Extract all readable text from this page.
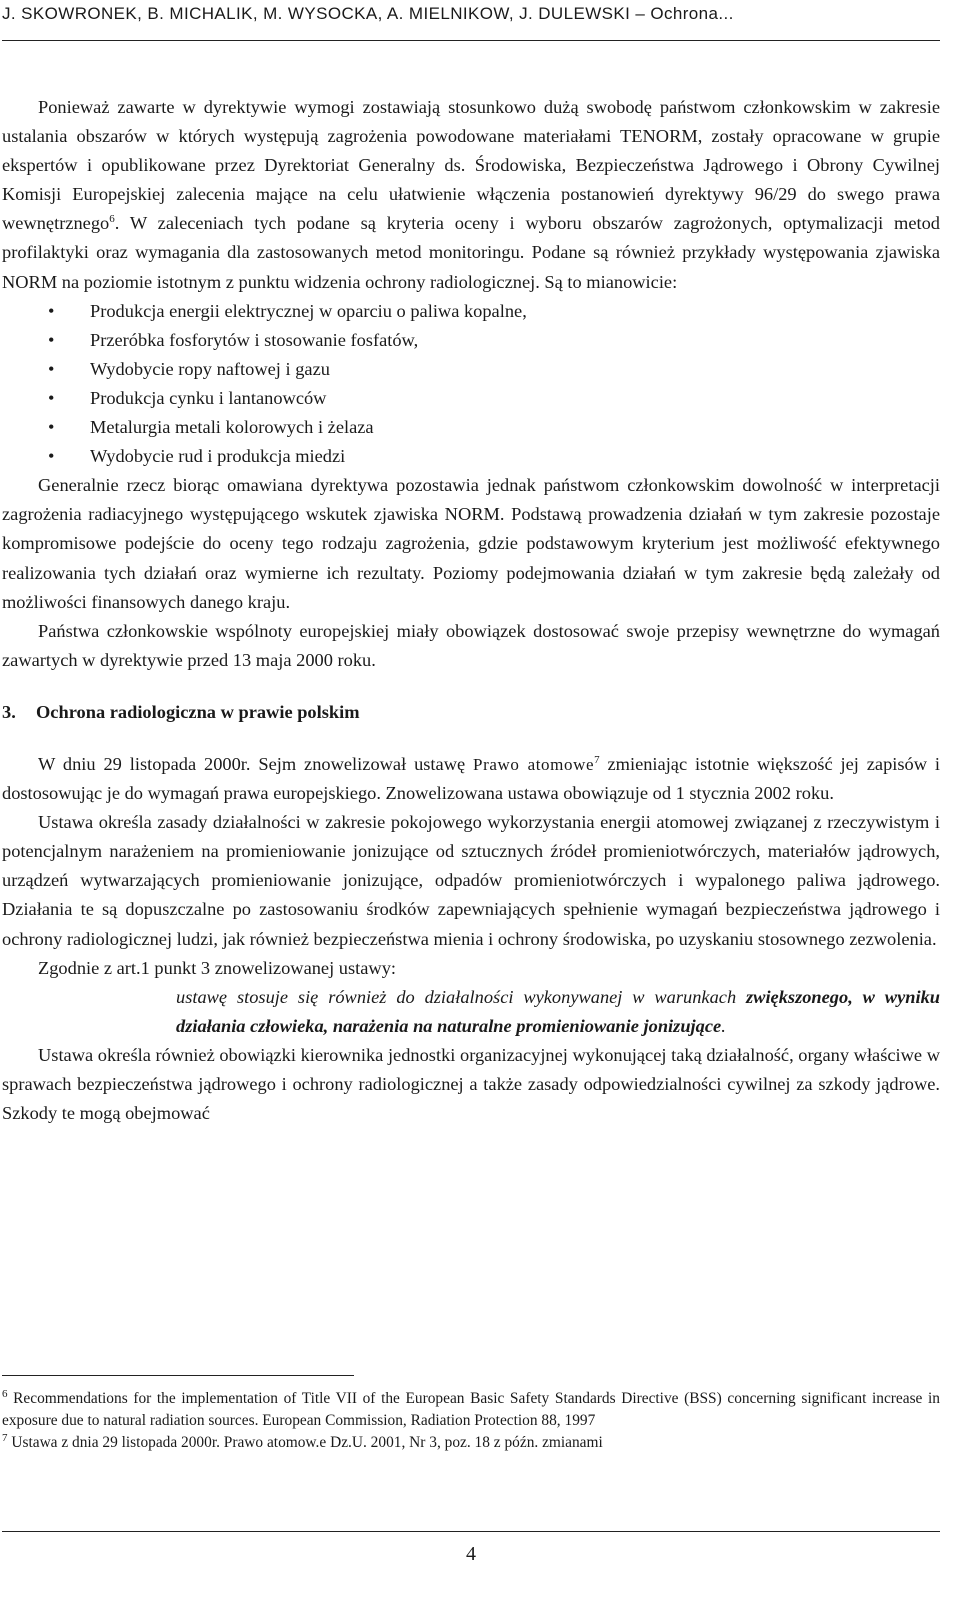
J. SKOWRONEK, B. MICHALIK, M. WYSOCKA, A. MIELNIKOW, J. DULEWSKI – Ochrona...

Ponieważ zawarte w dyrektywie wymogi zostawiają stosunkowo dużą swobodę państwom członkowskim w zakresie ustalania obszarów w których występują zagrożenia powodowane materiałami TENORM, zostały opracowane w grupie ekspertów i opublikowane przez Dyrektoriat Generalny ds. Środowiska, Bezpieczeństwa Jądrowego i Obrony Cywilnej Komisji Europejskiej zalecenia mające na celu ułatwienie włączenia postanowień dyrektywy 96/29 do swego prawa wewnętrznego$^6$. W zaleceniach tych podane są kryteria oceny i wyboru obszarów zagrożonych, optymalizacji metod profilaktyki oraz wymagania dla zastosowanych metod monitoringu. Podane są również przykłady występowania zjawiska NORM na poziomie istotnym z punktu widzenia ochrony radiologicznej. Są to mianowicie:

• Produkcja energii elektrycznej w oparciu o paliwa kopalne,
• Przeróbka fosforytów i stosowanie fosfatów,
• Wydobycie ropy naftowej i gazu
• Produkcja cynku i lantanowców
• Metalurgia metali kolorowych i żelaza
• Wydobycie rud i produkcja miedzi

Generalnie rzecz biorąc omawiana dyrektywa pozostawia jednak państwom członkowskim dowolność w interpretacji zagrożenia radiacyjnego występującego wskutek zjawiska NORM. Podstawą prowadzenia działań w tym zakresie pozostaje kompromisowe podejście do oceny tego rodzaju zagrożenia, gdzie podstawowym kryterium jest możliwość efektywnego realizowania tych działań oraz wymierne ich rezultaty. Poziomy podejmowania działań w tym zakresie będą zależały od możliwości finansowych danego kraju.

Państwa członkowskie wspólnoty europejskiej miały obowiązek dostosować swoje przepisy wewnętrzne do wymagań zawartych w dyrektywie przed 13 maja 2000 roku.

3. Ochrona radiologiczna w prawie polskim

W dniu 29 listopada 2000r. Sejm znowelizował ustawę Prawo atomowe$^7$ zmieniając istotnie większość jej zapisów i dostosowując je do wymagań prawa europejskiego. Znowelizowana ustawa obowiązuje od 1 stycznia 2002 roku.

Ustawa określa zasady działalności w zakresie pokojowego wykorzystania energii atomowej związanej z rzeczywistym i potencjalnym narażeniem na promieniowanie jonizujące od sztucznych źródeł promieniotwórczych, materiałów jądrowych, urządzeń wytwarzających promieniowanie jonizujące, odpadów promieniotwórczych i wypalonego paliwa jądrowego. Działania te są dopuszczalne po zastosowaniu środków zapewniających spełnienie wymagań bezpieczeństwa jądrowego i ochrony radiologicznej ludzi, jak również bezpieczeństwa mienia i ochrony środowiska, po uzyskaniu stosownego zezwolenia.

Zgodnie z art.1 punkt 3 znowelizowanej ustawy:

ustawę stosuje się również do działalności wykonywanej w warunkach zwiększonego, w wyniku działania człowieka, narażenia na naturalne promieniowanie jonizujące.

Ustawa określa również obowiązki kierownika jednostki organizacyjnej wykonującej taką działalność, organy właściwe w sprawach bezpieczeństwa jądrowego i ochrony radiologicznej a także zasady odpowiedzialności cywilnej za szkody jądrowe. Szkody te mogą obejmować

$^6$ Recommendations for the implementation of Title VII of the European Basic Safety Standards Directive (BSS) concerning significant increase in exposure due to natural radiation sources. European Commission, Radiation Protection 88, 1997

$^7$ Ustawa z dnia 29 listopada 2000r. Prawo atomow.e Dz.U. 2001, Nr 3, poz. 18 z późn. zmianami

4
